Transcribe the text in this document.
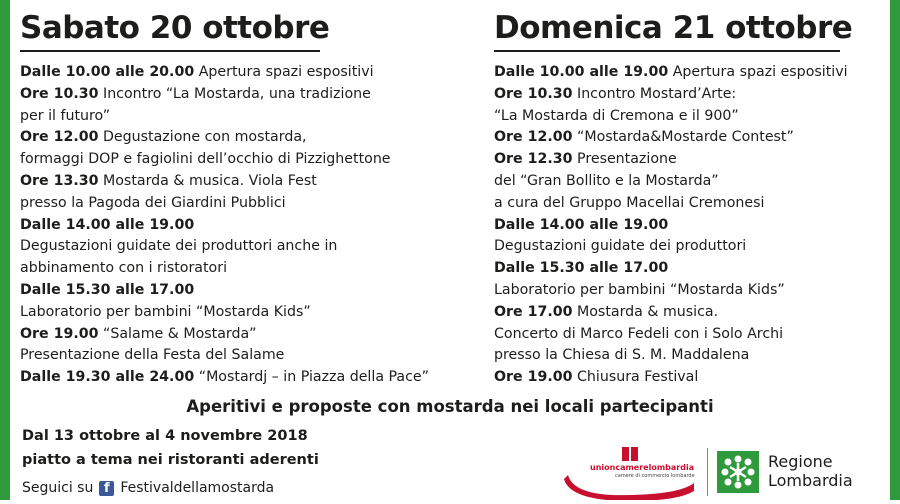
Sabato 20 ottobre
Dalle 10.00 alle 20.00 Apertura spazi espositivi
Ore 10.30 Incontro “La Mostarda, una tradizione
per il futuro”
Ore 12.00 Degustazione con mostarda,
formaggi DOP e fagiolini dell’occhio di Pizzighettone
Ore 13.30 Mostarda & musica. Viola Fest
presso la Pagoda dei Giardini Pubblici
Dalle 14.00 alle 19.00
Degustazioni guidate dei produttori anche in
abbinamento con i ristoratori
Dalle 15.30 alle 17.00
Laboratorio per bambini “Mostarda Kids”
Ore 19.00 “Salame & Mostarda”
Presentazione della Festa del Salame
Dalle 19.30 alle 24.00 “Mostardj – in Piazza della Pace”
Domenica 21 ottobre
Dalle 10.00 alle 19.00 Apertura spazi espositivi
Ore 10.30 Incontro Mostard’Arte:
“La Mostarda di Cremona e il 900”
Ore 12.00 “Mostarda&Mostarde Contest”
Ore 12.30 Presentazione
del “Gran Bollito e la Mostarda”
a cura del Gruppo Macellai Cremonesi
Dalle 14.00 alle 19.00
Degustazioni guidate dei produttori
Dalle 15.30 alle 17.00
Laboratorio per bambini “Mostarda Kids”
Ore 17.00 Mostarda & musica.
Concerto di Marco Fedeli con i Solo Archi
presso la Chiesa di S. M. Maddalena
Ore 19.00 Chiusura Festival
Aperitivi e proposte con mostarda nei locali partecipanti
Dal 13 ottobre al 4 novembre 2018
piatto a tema nei ristoranti aderenti
Seguici su f Festivaldellamostarda
unioncamerelombardia
camere di commercio lombarde
Regione
Lombardia
